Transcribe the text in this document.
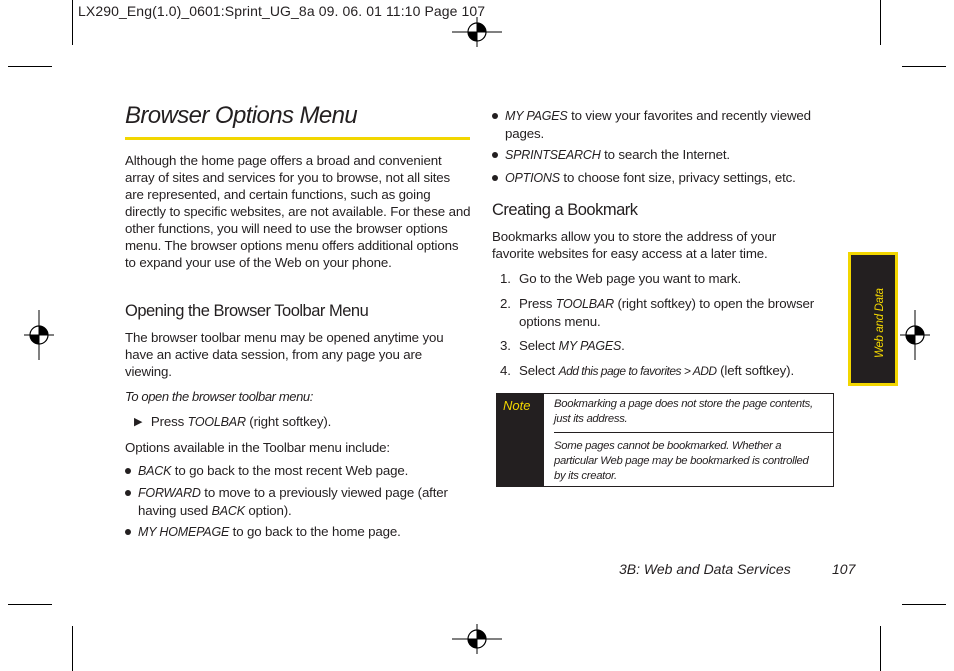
LX290_Eng(1.0)_0601:Sprint_UG_8a 09. 06. 01 11:10 Page 107
Browser Options Menu
Although the home page offers a broad and convenient array of sites and services for you to browse, not all sites are represented, and certain functions, such as going directly to specific websites, are not available. For these and other functions, you will need to use the browser options menu. The browser options menu offers additional options to expand your use of the Web on your phone.
Opening the Browser Toolbar Menu
The browser toolbar menu may be opened anytime you have an active data session, from any page you are viewing.
To open the browser toolbar menu:
▶ Press TOOLBAR (right softkey).
Options available in the Toolbar menu include:
BACK to go back to the most recent Web page.
FORWARD to move to a previously viewed page (after having used BACK option).
MY HOMEPAGE to go back to the home page.
MY PAGES to view your favorites and recently viewed pages.
SPRINTSEARCH to search the Internet.
OPTIONS to choose font size, privacy settings, etc.
Creating a Bookmark
Bookmarks allow you to store the address of your favorite websites for easy access at a later time.
1. Go to the Web page you want to mark.
2. Press TOOLBAR (right softkey) to open the browser options menu.
3. Select MY PAGES.
4. Select Add this page to favorites > ADD (left softkey).
Note	Bookmarking a page does not store the page contents, just its address.
Some pages cannot be bookmarked. Whether a particular Web page may be bookmarked is controlled by its creator.
Web and Data
3B: Web and Data Services	107
